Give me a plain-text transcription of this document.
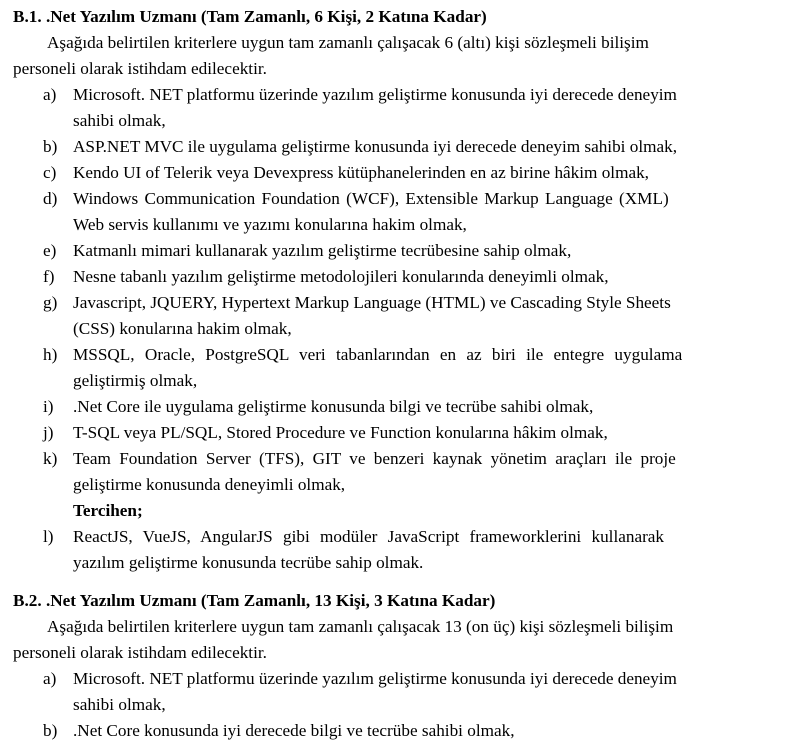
B.1. .Net Yazılım Uzmanı (Tam Zamanlı, 6 Kişi, 2 Katına Kadar)
Aşağıda belirtilen kriterlere uygun tam zamanlı çalışacak 6 (altı) kişi sözleşmeli bilişim
personeli olarak istihdam edilecektir.
a) Microsoft. NET platformu üzerinde yazılım geliştirme konusunda iyi derecede deneyim
sahibi olmak,
b) ASP.NET MVC ile uygulama geliştirme konusunda iyi derecede deneyim sahibi olmak,
c) Kendo UI of Telerik veya Devexpress kütüphanelerinden en az birine hâkim olmak,
d) Windows Communication Foundation (WCF), Extensible Markup Language (XML)
Web servis kullanımı ve yazımı konularına hakim olmak,
e) Katmanlı mimari kullanarak yazılım geliştirme tecrübesine sahip olmak,
f)	Nesne tabanlı yazılım geliştirme metodolojileri konularında deneyimli olmak,
g) Javascript, JQUERY, Hypertext Markup Language (HTML) ve Cascading Style Sheets
(CSS) konularına hakim olmak,
h) MSSQL, Oracle, PostgreSQL veri tabanlarından en az biri ile entegre uygulama
geliştirmiş olmak,
i)	.Net Core ile uygulama geliştirme konusunda bilgi ve tecrübe sahibi olmak,
j)	T-SQL veya PL/SQL, Stored Procedure ve Function konularına hâkim olmak,
k) Team Foundation Server (TFS), GIT ve benzeri kaynak yönetim araçları ile proje
geliştirme konusunda deneyimli olmak,
Tercihen;
l)	ReactJS, VueJS, AngularJS gibi modüler JavaScript frameworklerini kullanarak
yazılım geliştirme konusunda tecrübe sahip olmak.
B.2. .Net Yazılım Uzmanı (Tam Zamanlı, 13 Kişi, 3 Katına Kadar)
Aşağıda belirtilen kriterlere uygun tam zamanlı çalışacak 13 (on üç) kişi sözleşmeli bilişim
personeli olarak istihdam edilecektir.
a) Microsoft. NET platformu üzerinde yazılım geliştirme konusunda iyi derecede deneyim
sahibi olmak,
b) .Net Core konusunda iyi derecede bilgi ve tecrübe sahibi olmak,
